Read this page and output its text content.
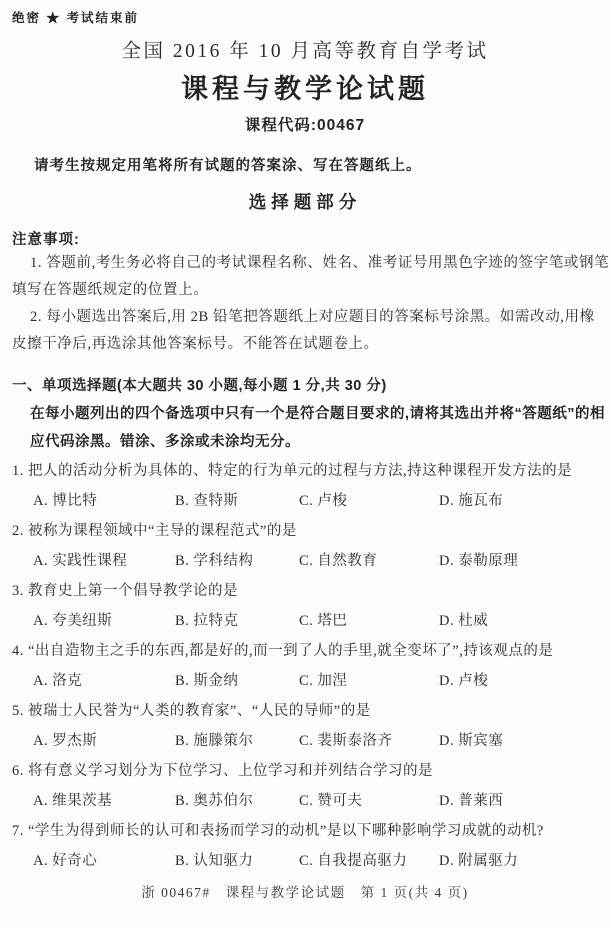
绝密 ★ 考试结束前
全国 2016 年 10 月高等教育自学考试
课程与教学论试题
课程代码:00467
请考生按规定用笔将所有试题的答案涂、写在答题纸上。
选择题部分
注意事项:
1. 答题前,考生务必将自己的考试课程名称、姓名、准考证号用黑色字迹的签字笔或钢笔
填写在答题纸规定的位置上。
2. 每小题选出答案后,用 2B 铅笔把答题纸上对应题目的答案标号涂黑。如需改动,用橡
皮擦干净后,再选涂其他答案标号。不能答在试题卷上。
一、单项选择题(本大题共 30 小题,每小题 1 分,共 30 分)
在每小题列出的四个备选项中只有一个是符合题目要求的,请将其选出并将“答题纸”的相
应代码涂黑。错涂、多涂或未涂均无分。
1. 把人的活动分析为具体的、特定的行为单元的过程与方法,持这种课程开发方法的是
A. 博比特	B. 查特斯	C. 卢梭	D. 施瓦布
2. 被称为课程领域中“主导的课程范式”的是
A. 实践性课程	B. 学科结构	C. 自然教育	D. 泰勒原理
3. 教育史上第一个倡导教学论的是
A. 夸美纽斯	B. 拉特克	C. 塔巴	D. 杜威
4. “出自造物主之手的东西,都是好的,而一到了人的手里,就全变坏了”,持该观点的是
A. 洛克	B. 斯金纳	C. 加涅	D. 卢梭
5. 被瑞士人民誉为“人类的教育家”、“人民的导师”的是
A. 罗杰斯	B. 施滕策尔	C. 裴斯泰洛齐	D. 斯宾塞
6. 将有意义学习划分为下位学习、上位学习和并列结合学习的是
A. 维果茨基	B. 奥苏伯尔	C. 赞可夫	D. 普莱西
7. “学生为得到师长的认可和表扬而学习的动机”是以下哪种影响学习成就的动机?
A. 好奇心	B. 认知驱力	C. 自我提高驱力	D. 附属驱力
浙 00467#　课程与教学论试题　第 1 页(共 4 页)
